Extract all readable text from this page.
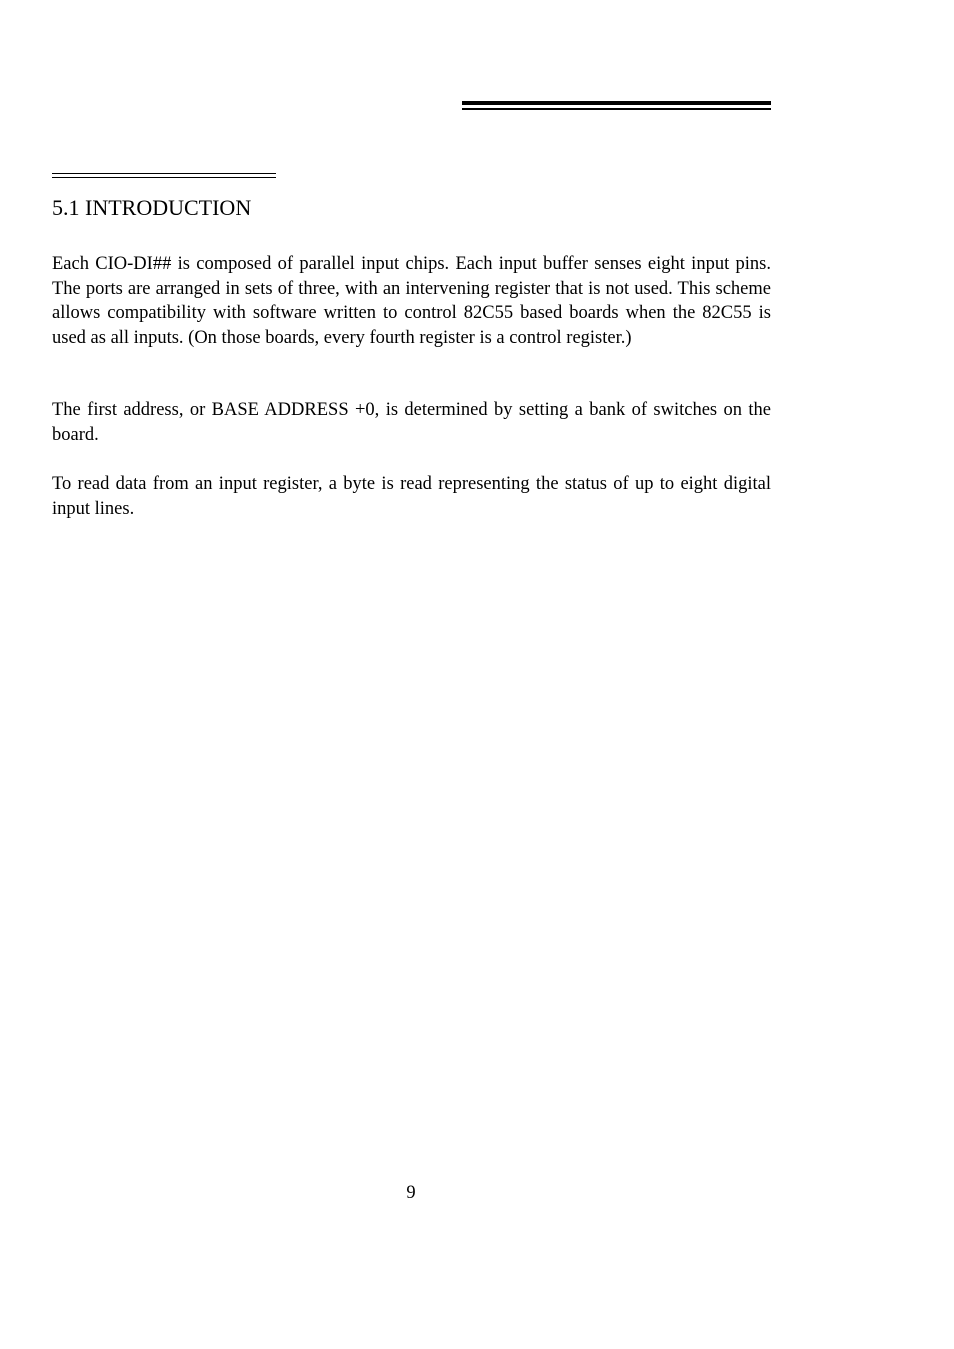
5.1 INTRODUCTION

Each CIO-DI## is composed of parallel input chips. Each input buffer senses eight input pins. The ports are arranged in sets of three, with an intervening register that is not used. This scheme allows compatibility with software written to control 82C55 based boards when the 82C55 is used as all inputs. (On those boards, every fourth register is a control register.)

The first address, or BASE ADDRESS +0, is determined by setting a bank of switches on the board.

To read data from an input register, a byte is read representing the status of up to eight digital input lines.

9
